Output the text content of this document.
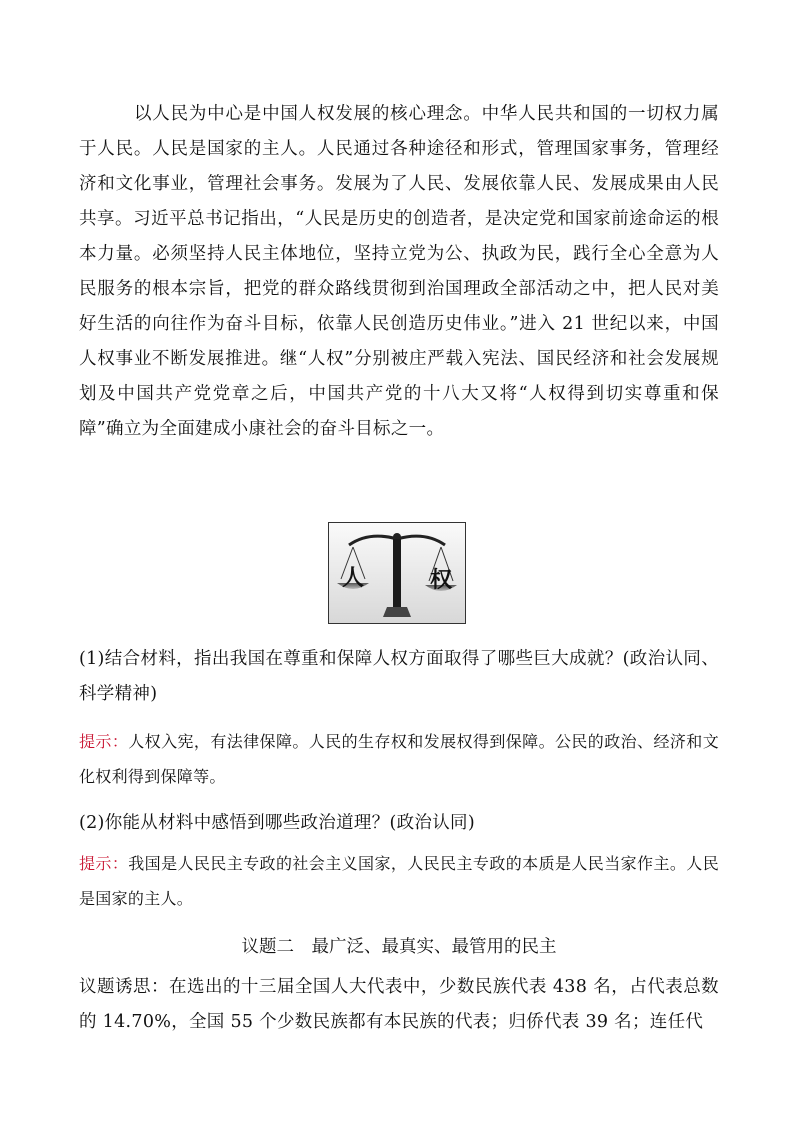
以人民为中心是中国人权发展的核心理念。中华人民共和国的一切权力属于人民。人民是国家的主人。人民通过各种途径和形式，管理国家事务，管理经济和文化事业，管理社会事务。发展为了人民、发展依靠人民、发展成果由人民共享。习近平总书记指出，“人民是历史的创造者，是决定党和国家前途命运的根本力量。必须坚持人民主体地位，坚持立党为公、执政为民，践行全心全意为人民服务的根本宗旨，把党的群众路线贯彻到治国理政全部活动之中，把人民对美好生活的向往作为奋斗目标，依靠人民创造历史伟业。”进入 21 世纪以来，中国人权事业不断发展推进。继“人权”分别被庄严载入宪法、国民经济和社会发展规划及中国共产党党章之后，中国共产党的十八大又将“人权得到切实尊重和保障”确立为全面建成小康社会的奋斗目标之一。
人	权
(1)结合材料，指出我国在尊重和保障人权方面取得了哪些巨大成就？(政治认同、科学精神)
提示：人权入宪，有法律保障。人民的生存权和发展权得到保障。公民的政治、经济和文化权利得到保障等。
(2)你能从材料中感悟到哪些政治道理？(政治认同)
提示：我国是人民民主专政的社会主义国家，人民民主专政的本质是人民当家作主。人民是国家的主人。
议题二　最广泛、最真实、最管用的民主
议题诱思：在选出的十三届全国人大代表中，少数民族代表 438 名，占代表总数的 14.70%，全国 55 个少数民族都有本民族的代表；归侨代表 39 名；连任代
